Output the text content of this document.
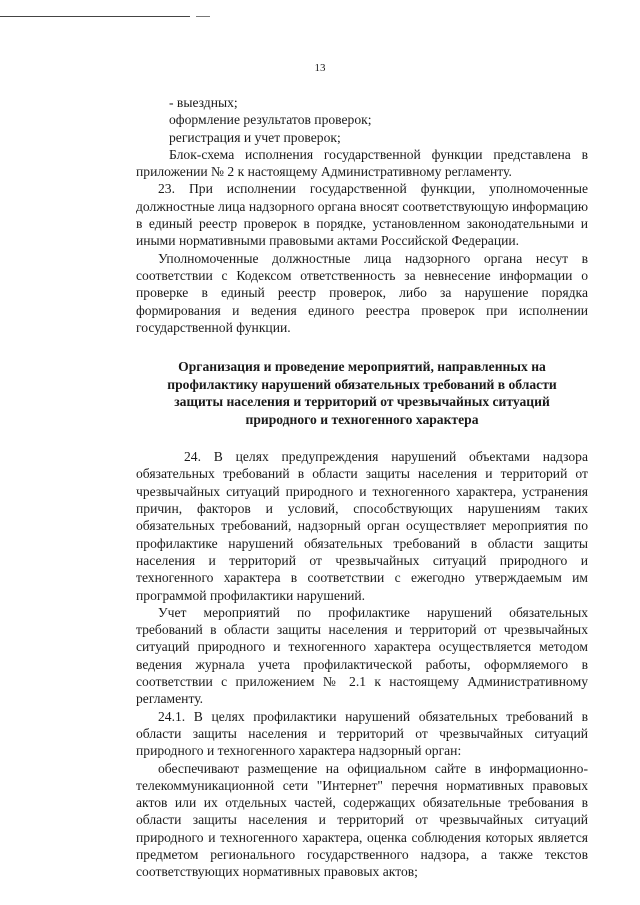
13

- выездных;

оформление результатов проверок;

регистрация и учет проверок;

Блок-схема исполнения государственной функции представлена в приложении № 2 к настоящему Административному регламенту.

23. При исполнении государственной функции, уполномоченные должностные лица надзорного органа вносят соответствующую информацию в единый реестр проверок в порядке, установленном законодательными и иными нормативными правовыми актами Российской Федерации.

Уполномоченные должностные лица надзорного органа несут в соответствии с Кодексом ответственность за невнесение информации о проверке в единый реестр проверок, либо за нарушение порядка формирования и ведения единого реестра проверок при исполнении государственной функции.

Организация и проведение мероприятий, направленных на профилактику нарушений обязательных требований в области защиты населения и территорий от чрезвычайных ситуаций природного и техногенного характера

24. В целях предупреждения нарушений объектами надзора обязательных требований в области защиты населения и территорий от чрезвычайных ситуаций природного и техногенного характера, устранения причин, факторов и условий, способствующих нарушениям таких обязательных требований, надзорный орган осуществляет мероприятия по профилактике нарушений обязательных требований в области защиты населения и территорий от чрезвычайных ситуаций природного и техногенного характера в соответствии с ежегодно утверждаемым им программой профилактики нарушений.

Учет мероприятий по профилактике нарушений обязательных требований в области защиты населения и территорий от чрезвычайных ситуаций природного и техногенного характера осуществляется методом ведения журнала учета профилактической работы, оформляемого в соответствии с приложением № 2.1 к настоящему Административному регламенту.

24.1. В целях профилактики нарушений обязательных требований в области защиты населения и территорий от чрезвычайных ситуаций природного и техногенного характера надзорный орган:

обеспечивают размещение на официальном сайте в информационно-телекоммуникационной сети "Интернет" перечня нормативных правовых актов или их отдельных частей, содержащих обязательные требования в области защиты населения и территорий от чрезвычайных ситуаций природного и техногенного характера, оценка соблюдения которых является предметом регионального государственного надзора, а также текстов соответствующих нормативных правовых актов;
